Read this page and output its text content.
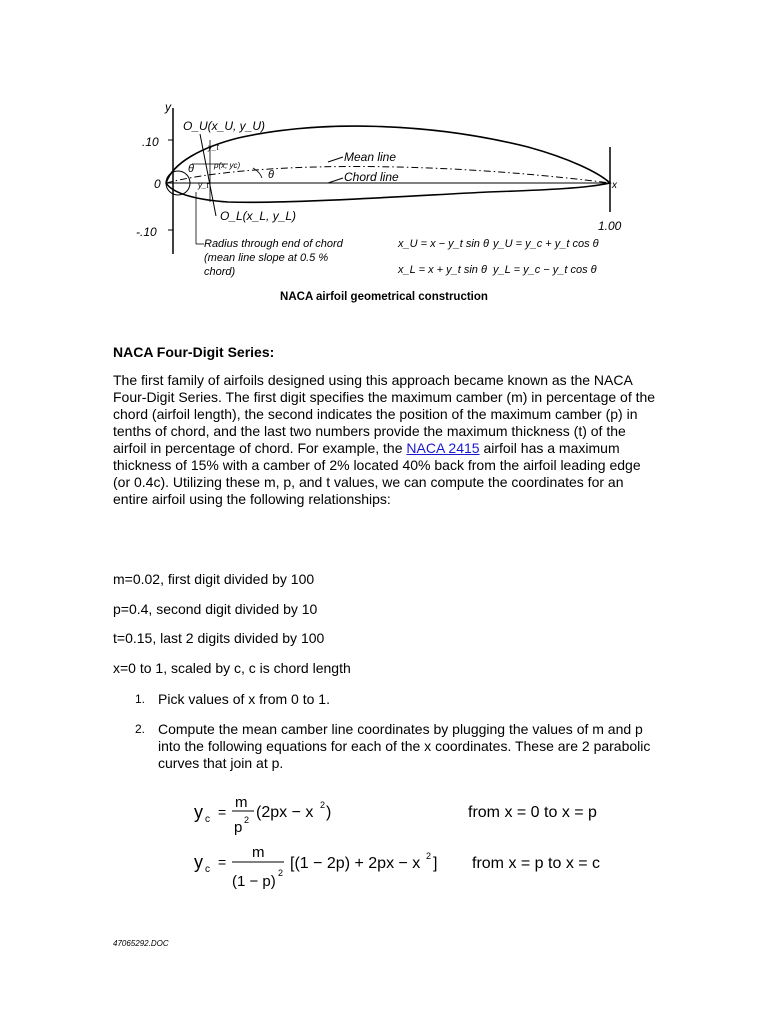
y
.10
0
-.10
x
1.00
θ	θ
O_U(x_U, y_U)
p(x, yc)
y_t
y_t
O_L(x_L, y_L)
Mean line
Chord line
Radius through end of chord
(mean line slope at 0.5 %
chord)
x_U = x − y_t sin θ
x_L = x + y_t sin θ
y_U = y_c + y_t cos θ
y_L = y_c − y_t cos θ
NACA airfoil geometrical construction
NACA Four-Digit Series:

The first family of airfoils designed using this approach became known as the NACA Four-Digit Series. The first digit specifies the maximum camber (m) in percentage of the chord (airfoil length), the second indicates the position of the maximum camber (p) in tenths of chord, and the last two numbers provide the maximum thickness (t) of the airfoil in percentage of chord. For example, the NACA 2415 airfoil has a maximum thickness of 15% with a camber of 2% located 40% back from the airfoil leading edge (or 0.4c). Utilizing these m, p, and t values, we can compute the coordinates for an entire airfoil using the following relationships:

m=0.02, first digit divided by 100
p=0.4, second digit divided by 10
t=0.15, last 2 digits divided by 100
x=0 to 1, scaled by c, c is chord length
1. Pick values of x from 0 to 1.
2. Compute the mean camber line coordinates by plugging the values of m and p into the following equations for each of the x coordinates. These are 2 parabolic curves that join at p.
y c =
m
p 2 (2px − x 2 )	from x = 0 to x = p
y c =
m
(1 − p) 2
[(1 − 2p) + 2px − x 2 ] from x = p to x = c
47065292.DOC
